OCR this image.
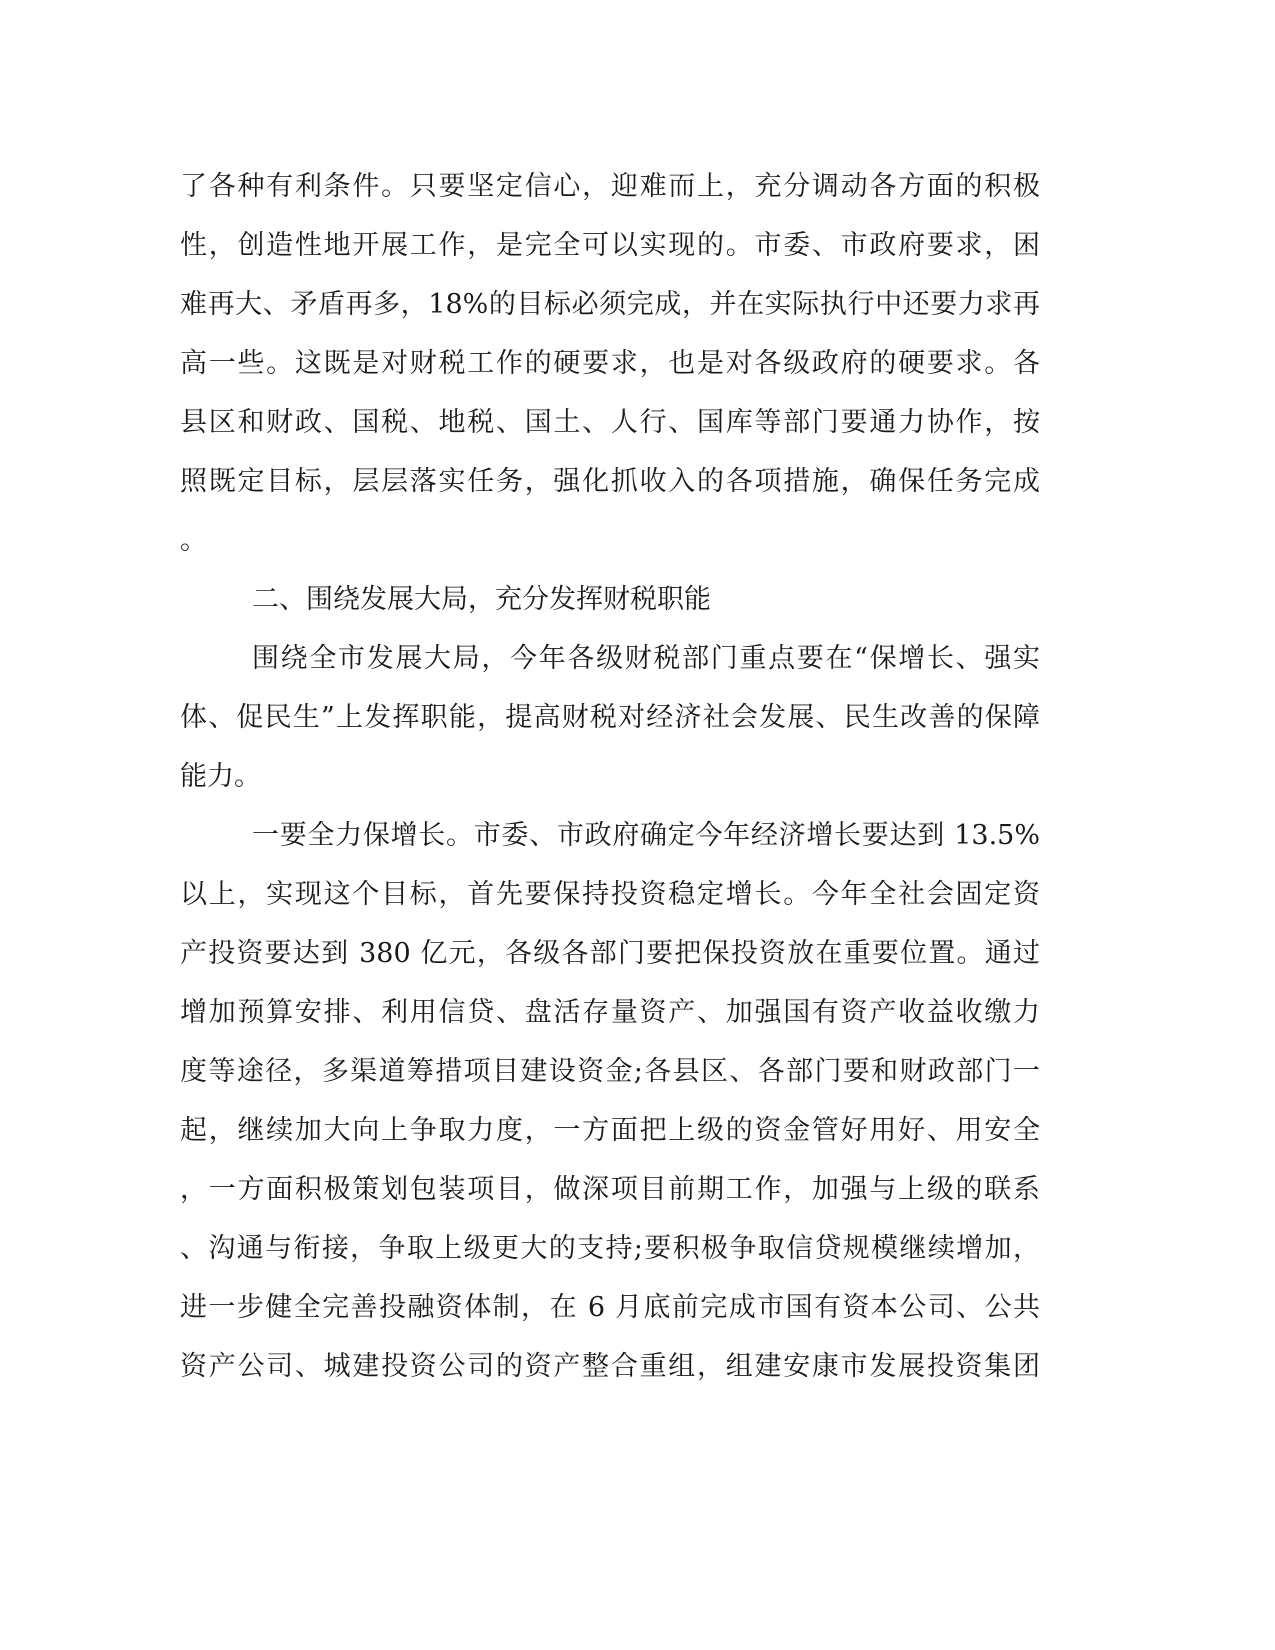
了各种有利条件。只要坚定信心，迎难而上，充分调动各方面的积极
性，创造性地开展工作，是完全可以实现的。市委、市政府要求，困
难再大、矛盾再多，18%的目标必须完成，并在实际执行中还要力求再
高一些。这既是对财税工作的硬要求，也是对各级政府的硬要求。各
县区和财政、国税、地税、国土、人行、国库等部门要通力协作，按
照既定目标，层层落实任务，强化抓收入的各项措施，确保任务完成
。
二、围绕发展大局，充分发挥财税职能
围绕全市发展大局，今年各级财税部门重点要在“保增长、强实
体、促民生”上发挥职能，提高财税对经济社会发展、民生改善的保障
能力。
一要全力保增长。市委、市政府确定今年经济增长要达到 13.5%
以上，实现这个目标，首先要保持投资稳定增长。今年全社会固定资
产投资要达到 380 亿元，各级各部门要把保投资放在重要位置。通过
增加预算安排、利用信贷、盘活存量资产、加强国有资产收益收缴力
度等途径，多渠道筹措项目建设资金;各县区、各部门要和财政部门一
起，继续加大向上争取力度，一方面把上级的资金管好用好、用安全
，一方面积极策划包装项目，做深项目前期工作，加强与上级的联系
、沟通与衔接，争取上级更大的支持;要积极争取信贷规模继续增加，
进一步健全完善投融资体制，在 6 月底前完成市国有资本公司、公共
资产公司、城建投资公司的资产整合重组，组建安康市发展投资集团
